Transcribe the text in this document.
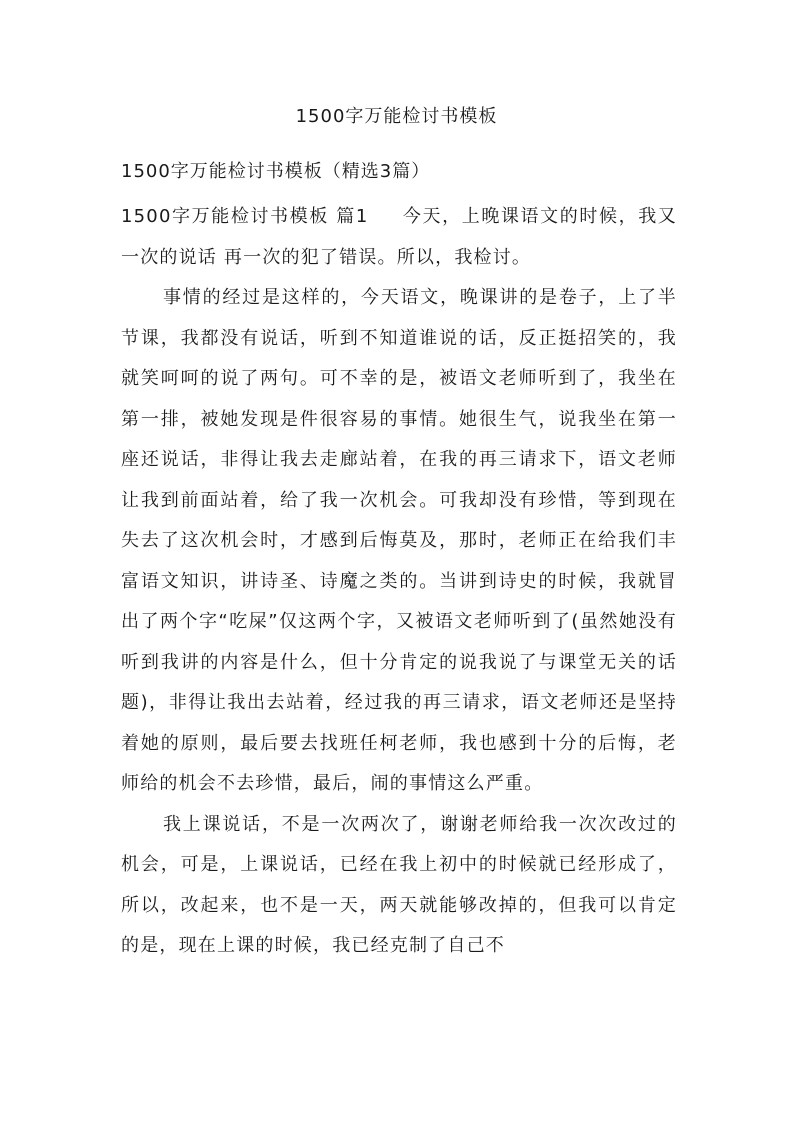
1500字万能检讨书模板

1500字万能检讨书模板（精选3篇）

1500字万能检讨书模板 篇1 今天，上晚课语文的时候，我又一次的说话 再一次的犯了错误。所以，我检讨。

事情的经过是这样的，今天语文，晚课讲的是卷子，上了半节课，我都没有说话，听到不知道谁说的话，反正挺招笑的，我就笑呵呵的说了两句。可不幸的是，被语文老师听到了，我坐在第一排，被她发现是件很容易的事情。她很生气，说我坐在第一座还说话，非得让我去走廊站着，在我的再三请求下，语文老师让我到前面站着，给了我一次机会。可我却没有珍惜，等到现在失去了这次机会时，才感到后悔莫及，那时，老师正在给我们丰富语文知识，讲诗圣、诗魔之类的。当讲到诗史的时候，我就冒出了两个字“吃屎”仅这两个字，又被语文老师听到了(虽然她没有听到我讲的内容是什么，但十分肯定的说我说了与课堂无关的话题)，非得让我出去站着，经过我的再三请求，语文老师还是坚持着她的原则，最后要去找班任柯老师，我也感到十分的后悔，老师给的机会不去珍惜，最后，闹的事情这么严重。

我上课说话，不是一次两次了，谢谢老师给我一次次改过的机会，可是，上课说话，已经在我上初中的时候就已经形成了，所以，改起来，也不是一天，两天就能够改掉的，但我可以肯定的是，现在上课的时候，我已经克制了自己不
